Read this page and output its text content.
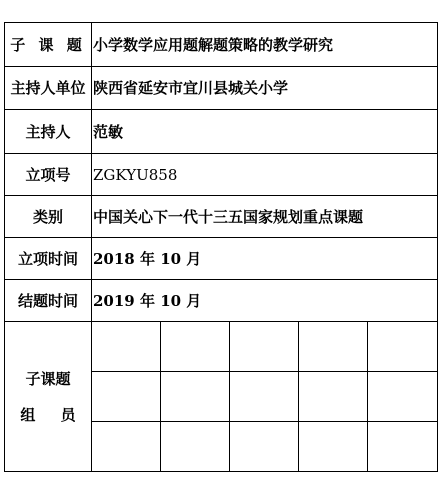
子 课 题	小学数学应用题解题策略的教学研究				
主持人单位	陕西省延安市宜川县城关小学				
主持人	范敏				
立项号	ZGKYU858				
类别	中国关心下一代十三五国家规划重点课题				
立项时间	2018 年 10 月				
结题时间	2019 年 10 月				

子课题
组 员					
